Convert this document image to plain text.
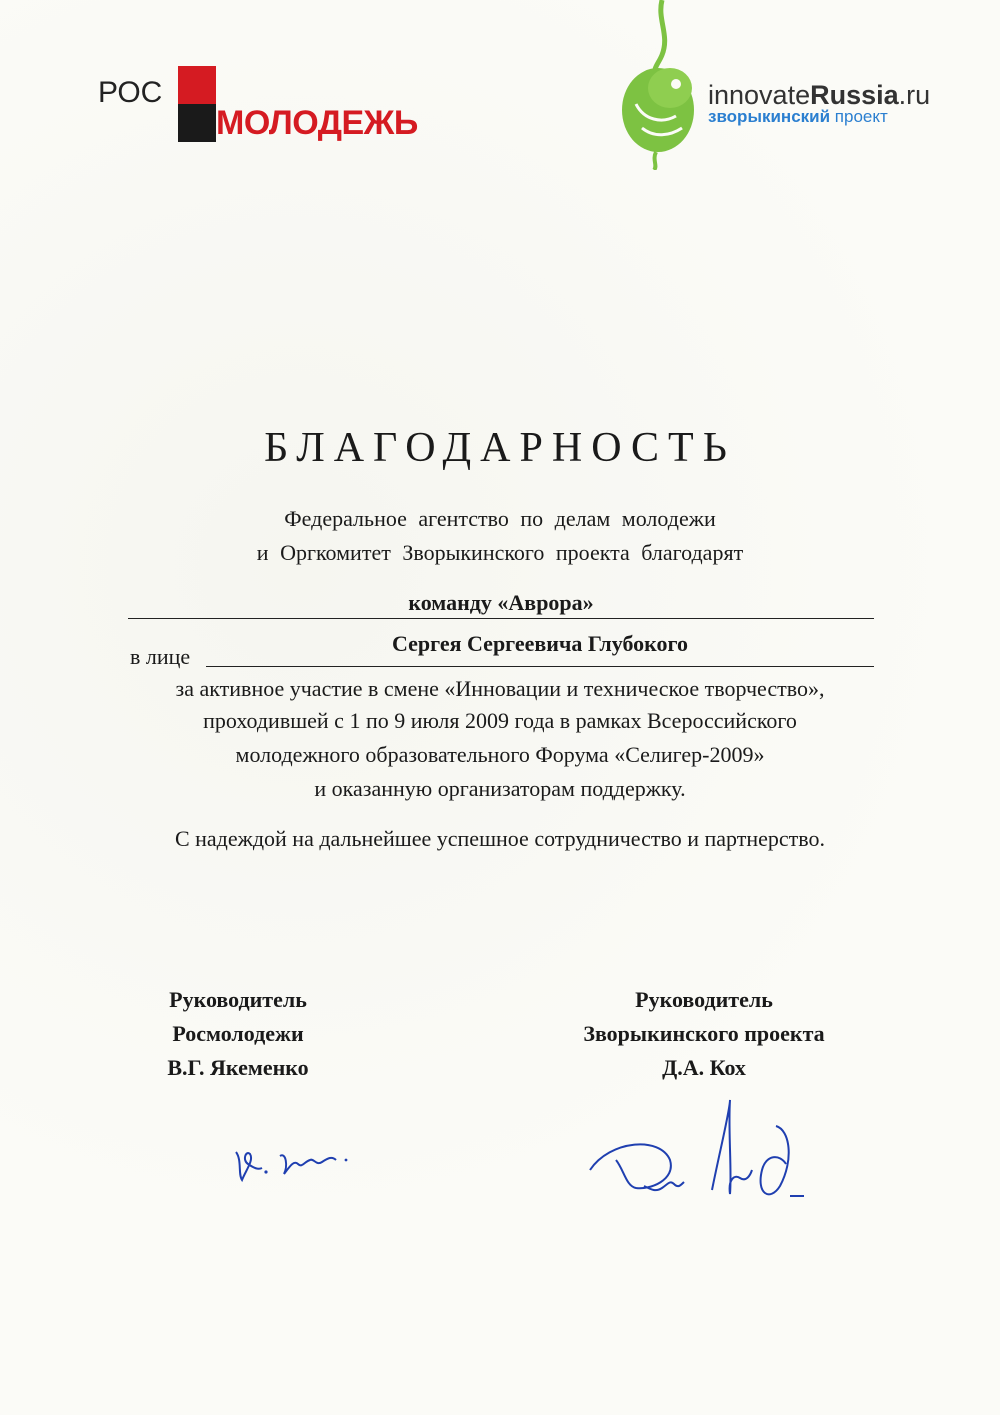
РОС
МОЛОДЕЖЬ
innovateRussia.ru
зворыкинский проект
БЛАГОДАРНОСТЬ
Федеральное агентство по делам молодежи
и Оргкомитет Зворыкинского проекта благодарят
команду «Аврора»
в лице
Сергея Сергеевича Глубокого
за активное участие в смене «Инновации и техническое творчество»,
проходившей с 1 по 9 июля 2009 года в рамках Всероссийского
молодежного образовательного Форума «Селигер-2009»
и оказанную организаторам поддержку.
С надеждой на дальнейшее успешное сотрудничество и партнерство.
Руководитель
Росмолодежи
В.Г. Якеменко
Руководитель
Зворыкинского проекта
Д.А. Кох
